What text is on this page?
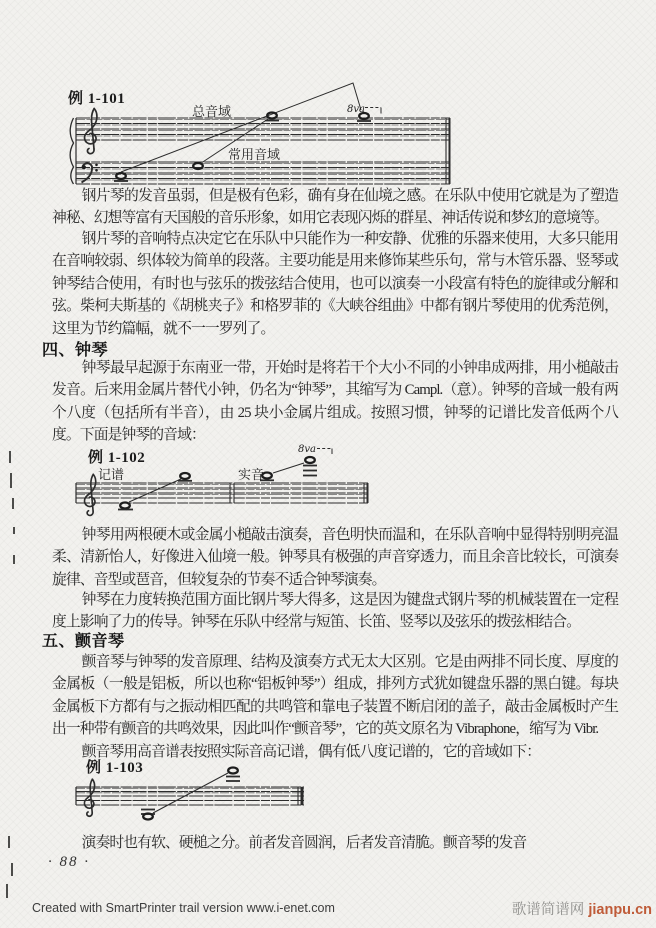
例 1-101

8va
总音域
常用音域

钢片琴的发音虽弱，但是极有色彩，确有身在仙境之感。在乐队中使用它就是为了塑造神秘、幻想等富有天国般的音乐形象，如用它表现闪烁的群星、神话传说和梦幻的意境等。

钢片琴的音响特点决定它在乐队中只能作为一种安静、优雅的乐器来使用，大多只能用在音响较弱、织体较为简单的段落。主要功能是用来修饰某些乐句，常与木管乐器、竖琴或钟琴结合使用，有时也与弦乐的拨弦结合使用，也可以演奏一小段富有特色的旋律或分解和弦。柴柯夫斯基的《胡桃夹子》和格罗菲的《大峡谷组曲》中都有钢片琴使用的优秀范例，这里为节约篇幅，就不一一罗列了。

四、钟琴

钟琴最早起源于东南亚一带，开始时是将若干个大小不同的小钟串成两排，用小槌敲击发音。后来用金属片替代小钟，仍名为“钟琴”，其缩写为 Campl.（意）。钟琴的音域一般有两个八度（包括所有半音），由 25 块小金属片组成。按照习惯，钟琴的记谱比发音低两个八度。下面是钟琴的音域：

例 1-102

记谱	实音
8va

钟琴用两根硬木或金属小槌敲击演奏，音色明快而温和，在乐队音响中显得特别明亮温柔、清新怡人，好像进入仙境一般。钟琴具有极强的声音穿透力，而且余音比较长，可演奏旋律、音型或琶音，但较复杂的节奏不适合钟琴演奏。

钟琴在力度转换范围方面比钢片琴大得多，这是因为键盘式钢片琴的机械装置在一定程度上影响了力的传导。钟琴在乐队中经常与短笛、长笛、竖琴以及弦乐的拨弦相结合。

五、颤音琴

颤音琴与钟琴的发音原理、结构及演奏方式无太大区别。它是由两排不同长度、厚度的金属板（一般是铝板，所以也称“铝板钟琴”）组成，排列方式犹如键盘乐器的黑白键。每块金属板下方都有与之振动相匹配的共鸣管和靠电子装置不断启闭的盖子，敲击金属板时产生出一种带有颤音的共鸣效果，因此叫作“颤音琴”，它的英文原名为 Vibraphone，缩写为 Vibr.

颤音琴用高音谱表按照实际音高记谱，偶有低八度记谱的，它的音域如下：

例 1-103

演奏时也有软、硬槌之分。前者发音圆润，后者发音清脆。颤音琴的发音

· 88 ·

Created with SmartPrinter trail version www.i-enet.com	歌谱简谱网 jianpu.cn
